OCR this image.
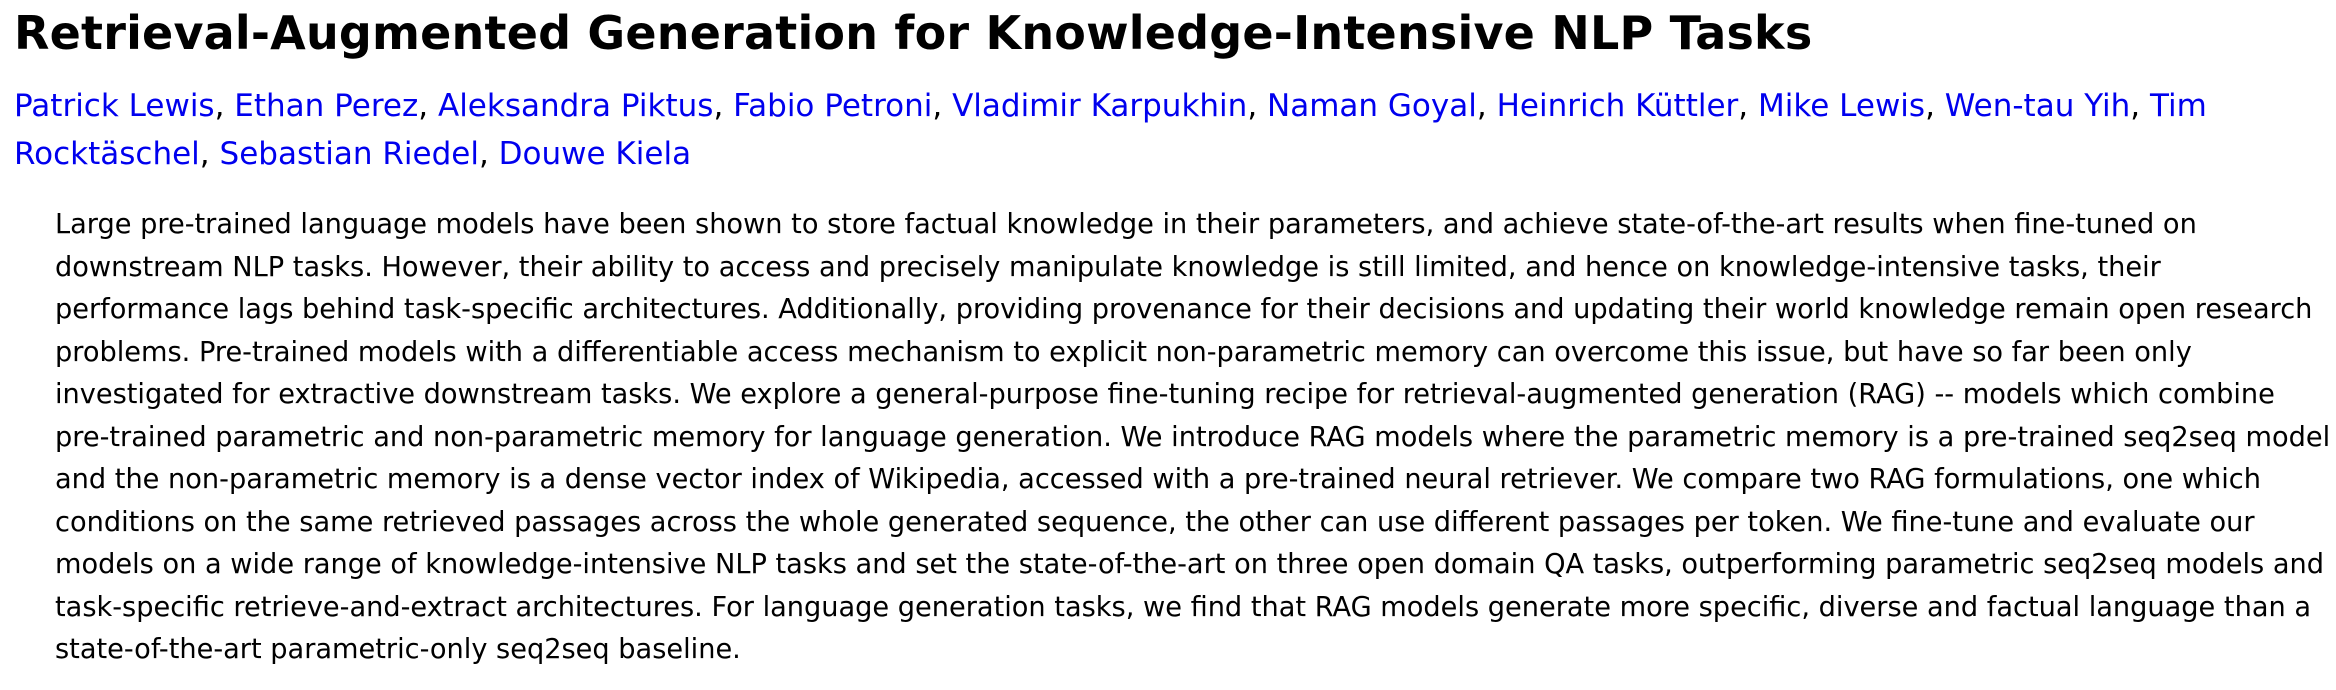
Retrieval-Augmented Generation for Knowledge-Intensive NLP Tasks
Patrick Lewis, Ethan Perez, Aleksandra Piktus, Fabio Petroni, Vladimir Karpukhin, Naman Goyal, Heinrich Küttler, Mike Lewis, Wen-tau Yih, Tim Rocktäschel, Sebastian Riedel, Douwe Kiela
Large pre-trained language models have been shown to store factual knowledge in their parameters, and achieve state-of-the-art results when fine-tuned on downstream NLP tasks. However, their ability to access and precisely manipulate knowledge is still limited, and hence on knowledge-intensive tasks, their performance lags behind task-specific architectures. Additionally, providing provenance for their decisions and updating their world knowledge remain open research problems. Pre-trained models with a differentiable access mechanism to explicit non-parametric memory can overcome this issue, but have so far been only investigated for extractive downstream tasks. We explore a general-purpose fine-tuning recipe for retrieval-augmented generation (RAG) -- models which combine pre-trained parametric and non-parametric memory for language generation. We introduce RAG models where the parametric memory is a pre-trained seq2seq model and the non-parametric memory is a dense vector index of Wikipedia, accessed with a pre-trained neural retriever. We compare two RAG formulations, one which conditions on the same retrieved passages across the whole generated sequence, the other can use different passages per token. We fine-tune and evaluate our models on a wide range of knowledge-intensive NLP tasks and set the state-of-the-art on three open domain QA tasks, outperforming parametric seq2seq models and task-specific retrieve-and-extract architectures. For language generation tasks, we find that RAG models generate more specific, diverse and factual language than a state-of-the-art parametric-only seq2seq baseline.
